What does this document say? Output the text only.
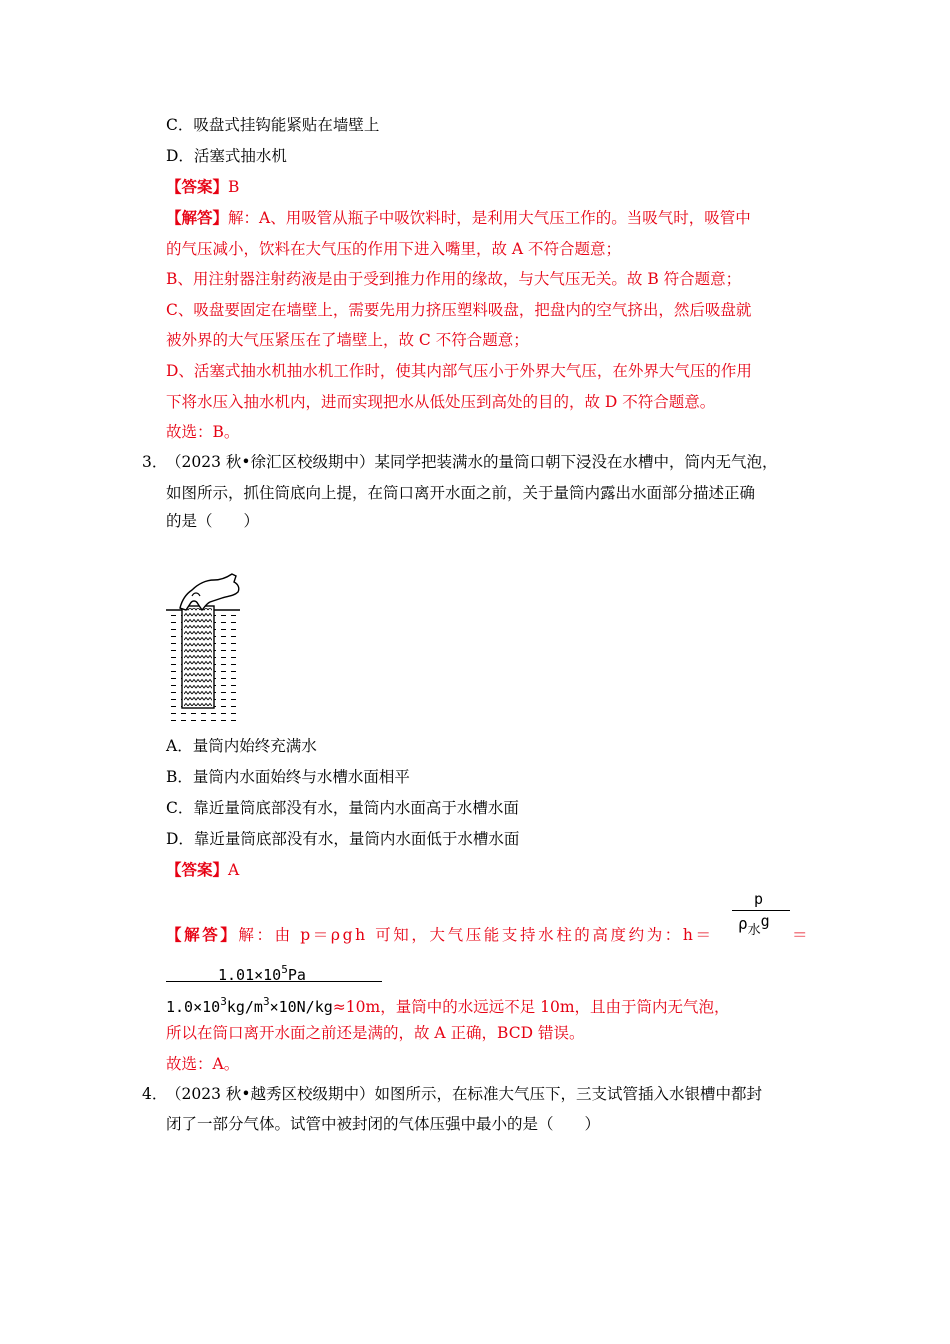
C．吸盘式挂钩能紧贴在墙壁上
D．活塞式抽水机
【答案】B
【解答】解：A、用吸管从瓶子中吸饮料时，是利用大气压工作的。当吸气时，吸管中
的气压减小，饮料在大气压的作用下进入嘴里，故 A 不符合题意；
B、用注射器注射药液是由于受到推力作用的缘故，与大气压无关。故 B 符合题意；
C、吸盘要固定在墙壁上，需要先用力挤压塑料吸盘，把盘内的空气挤出，然后吸盘就
被外界的大气压紧压在了墙壁上，故 C 不符合题意；
D、活塞式抽水机抽水机工作时，使其内部气压小于外界大气压，在外界大气压的作用
下将水压入抽水机内，进而实现把水从低处压到高处的目的，故 D 不符合题意。
故选：B。
3．
（2023 秋•徐汇区校级期中）某同学把装满水的量筒口朝下浸没在水槽中，筒内无气泡，
如图所示，抓住筒底向上提，在筒口离开水面之前，关于量筒内露出水面部分描述正确
的是（　　）
A．量筒内始终充满水
B．量筒内水面始终与水槽水面相平
C．靠近量筒底部没有水，量筒内水面高于水槽水面
D．靠近量筒底部没有水，量筒内水面低于水槽水面
【答案】A
【解答】解：由 p＝ρgh 可知，大气压能支持水柱的高度约为：h＝
p
$\rho_水g$
＝
$1.01\times 10^5Pa$
$1.0\times 10^3kg/m^3\times 10N/kg\approx 10m$，量筒中的水远远不足 10m，且由于筒内无气泡，
所以在筒口离开水面之前还是满的，故 A 正确，BCD 错误。
故选：A。
4．
（2023 秋•越秀区校级期中）如图所示，在标准大气压下，三支试管插入水银槽中都封
闭了一部分气体。试管中被封闭的气体压强中最小的是（　　）
